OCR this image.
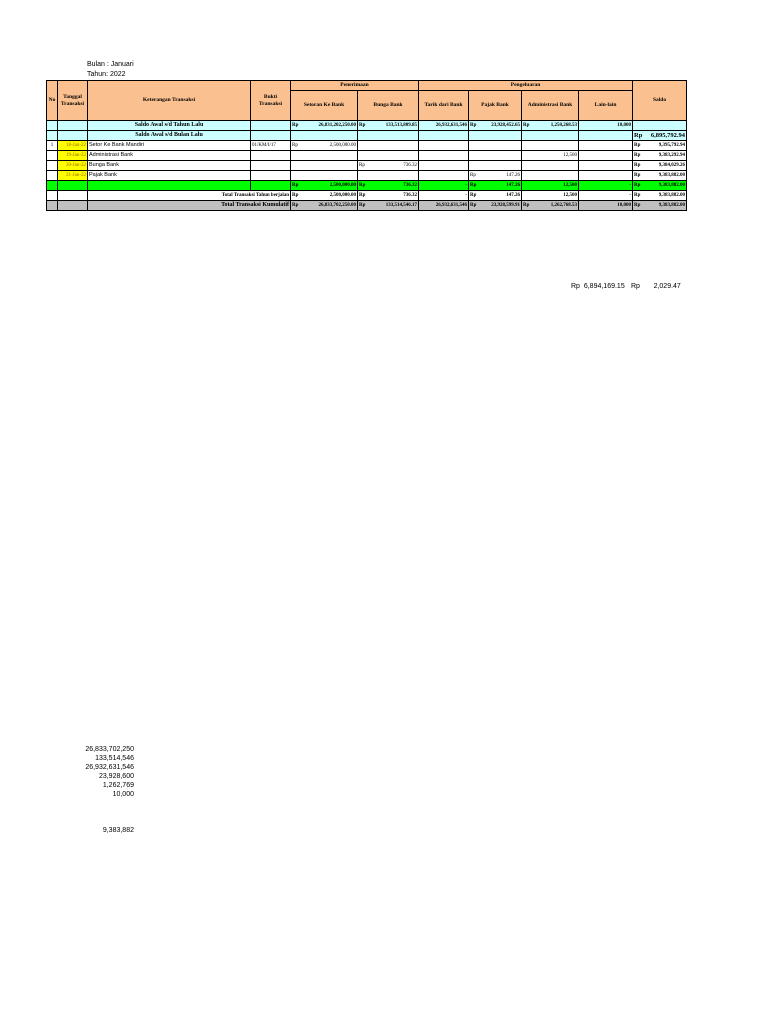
Bulan : Januari
Tahun: 2022
No	Tanggal Transaksi	Keterangan Transaksi	Bukti Transaksi	Penerimaan		Pengeluaran				Saldo
				Setoran Ke Bank	Bunga Bank	Tarik dari Bank	Pajak Bank	Administrasi Bank	Lain-lain	
		Saldo Awal s/d Tahun Lalu		Rp 26,831,202,250.00	Rp 133,513,809.85	26,932,631,546	Rp 23,928,452.65	Rp 1,250,268.53	10,000	
		Saldo Awal s/d Bulan Lalu								Rp 6,895,792.94

1	18-Jan-22	Setor Ke Bank Mandiri	01/KM/I/17	Rp 2,500,000.00						Rp 9,395,792.94

	19-Jan-22	Administrasi Bank						12,500		Rp 9,383,292.94

	20-Jan-22	Bunga Bank			Rp 736.32					Rp 9,384,029.26

	21-Jan-22	Pajak Bank					Rp 147.26			Rp 9,383,882.00

				Rp 2,500,000.00	Rp 736.32	-	Rp 147.26	12,500	-	Rp 9,383,882.00

		Total Transaksi Tahun berjalan		Rp 2,500,000.00	Rp 736.32	-	Rp 147.26	12,500	-	Rp 9,383,882.00

		Total Transaksi Kumulatif		Rp 26,833,702,250.00	Rp 133,514,546.17	26,932,631,546	Rp 23,928,599.91	Rp 1,262,768.53	10,000	Rp 9,383,882.00
Rp 6,894,169.15 Rp 2,029.47
26,833,702,250
133,514,546
26,932,631,546
23,928,600
1,262,769
10,000
9,383,882
